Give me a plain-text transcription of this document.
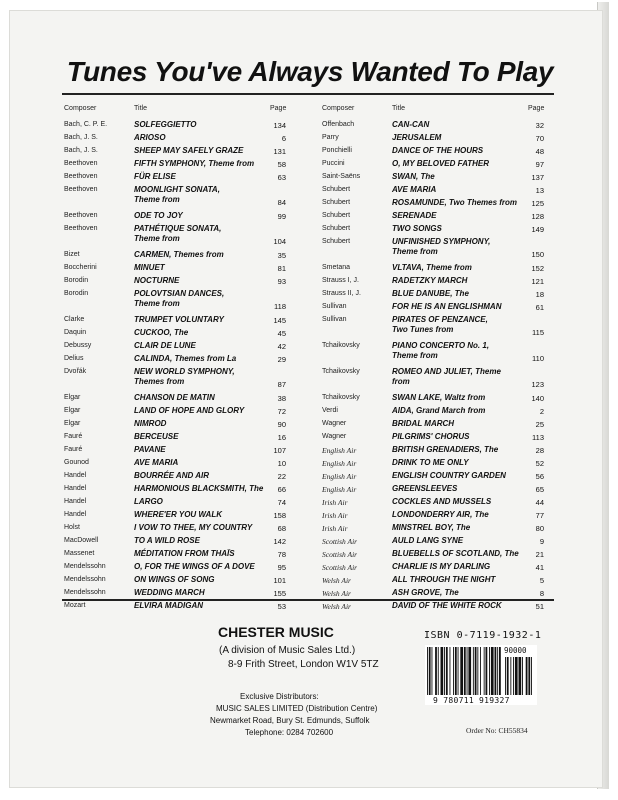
Tunes You've Always Wanted To Play
Composer	Title	Page
Bach, C. P. E.	SOLFEGGIETTO	134
Bach, J. S.	ARIOSO	6
Bach, J. S.	SHEEP MAY SAFELY GRAZE	131
Beethoven	FIFTH SYMPHONY, Theme from	58
Beethoven	FÜR ELISE	63
Beethoven	MOONLIGHT SONATA,
Theme from	84
Beethoven	ODE TO JOY	99
Beethoven	PATHÉTIQUE SONATA,
Theme from	104
Bizet	CARMEN, Themes from	35
Boccherini	MINUET	81
Borodin	NOCTURNE	93
Borodin	POLOVTSIAN DANCES,
Theme from	118
Clarke	TRUMPET VOLUNTARY	145
Daquin	CUCKOO, The	45
Debussy	CLAIR DE LUNE	42
Delius	CALINDA, Themes from La	29
Dvořák	NEW WORLD SYMPHONY,
Themes from	87
Elgar	CHANSON DE MATIN	38
Elgar	LAND OF HOPE AND GLORY	72
Elgar	NIMROD	90
Fauré	BERCEUSE	16
Fauré	PAVANE	107
Gounod	AVE MARIA	10
Handel	BOURRÉE AND AIR	22
Handel	HARMONIOUS BLACKSMITH, The	66
Handel	LARGO	74
Handel	WHERE'ER YOU WALK	158
Holst	I VOW TO THEE, MY COUNTRY	68
MacDowell	TO A WILD ROSE	142
Massenet	MÉDITATION FROM THAÏS	78
Mendelssohn	O, FOR THE WINGS OF A DOVE	95
Mendelssohn	ON WINGS OF SONG	101
Mendelssohn	WEDDING MARCH	155
Mozart	ELVIRA MADIGAN	53
Composer	Title	Page
Offenbach	CAN-CAN	32
Parry	JERUSALEM	70
Ponchielli	DANCE OF THE HOURS	48
Puccini	O, MY BELOVED FATHER	97
Saint-Saëns	SWAN, The	137
Schubert	AVE MARIA	13
Schubert	ROSAMUNDE, Two Themes from	125
Schubert	SERENADE	128
Schubert	TWO SONGS	149
Schubert	UNFINISHED SYMPHONY,
Theme from	150
Smetana	VLTAVA, Theme from	152
Strauss I, J.	RADETZKY MARCH	121
Strauss II, J.	BLUE DANUBE, The	18
Sullivan	FOR HE IS AN ENGLISHMAN	61
Sullivan	PIRATES OF PENZANCE,
Two Tunes from	115
Tchaikovsky	PIANO CONCERTO No. 1,
Theme from	110
Tchaikovsky	ROMEO AND JULIET, Theme
from	123
Tchaikovsky	SWAN LAKE, Waltz from	140
Verdi	AIDA, Grand March from	2
Wagner	BRIDAL MARCH	25
Wagner	PILGRIMS' CHORUS	113
English Air	BRITISH GRENADIERS, The	28
English Air	DRINK TO ME ONLY	52
English Air	ENGLISH COUNTRY GARDEN	56
English Air	GREENSLEEVES	65
Irish Air	COCKLES AND MUSSELS	44
Irish Air	LONDONDERRY AIR, The	77
Irish Air	MINSTREL BOY, The	80
Scottish Air	AULD LANG SYNE	9
Scottish Air	BLUEBELLS OF SCOTLAND, The	21
Scottish Air	CHARLIE IS MY DARLING	41
Welsh Air	ALL THROUGH THE NIGHT	5
Welsh Air	ASH GROVE, The	8
Welsh Air	DAVID OF THE WHITE ROCK	51
CHESTER MUSIC
(A division of Music Sales Ltd.)
8-9 Frith Street, London W1V 5TZ
Exclusive Distributors:
MUSIC SALES LIMITED (Distribution Centre)
Newmarket Road, Bury St. Edmunds, Suffolk
Telephone: 0284 702600
ISBN 0-7119-1932-1
90000
9 780711 919327
Order No: CH55834
